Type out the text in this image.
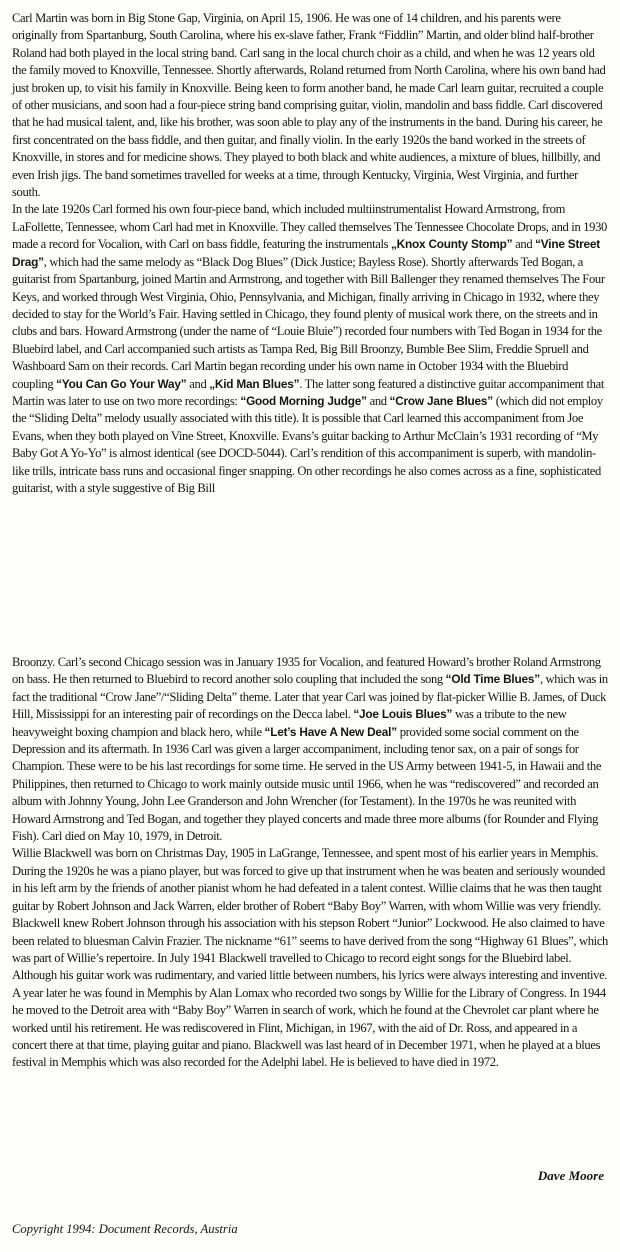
Carl Martin was born in Big Stone Gap, Virginia, on April 15, 1906. He was one of 14 children, and his parents were originally from Spartanburg, South Carolina, where his ex-slave father, Frank “Fiddlin” Martin, and older blind half-brother Roland had both played in the local string band. Carl sang in the local church choir as a child, and when he was 12 years old the family moved to Knoxville, Tennessee. Shortly afterwards, Roland returned from North Carolina, where his own band had just broken up, to visit his family in Knoxville. Being keen to form another band, he made Carl learn guitar, recruited a couple of other musicians, and soon had a four-piece string band comprising guitar, violin, mandolin and bass fiddle. Carl discovered that he had musical talent, and, like his brother, was soon able to play any of the instruments in the band. During his career, he first concentrated on the bass fiddle, and then guitar, and finally violin. In the early 1920s the band worked in the streets of Knoxville, in stores and for medicine shows. They played to both black and white audiences, a mixture of blues, hillbilly, and even Irish jigs. The band sometimes travelled for weeks at a time, through Kentucky, Virginia, West Virginia, and further south.

In the late 1920s Carl formed his own four-piece band, which included multiinstrumentalist Howard Armstrong, from LaFollette, Tennessee, whom Carl had met in Knoxville. They called themselves The Tennessee Chocolate Drops, and in 1930 made a record for Vocalion, with Carl on bass fiddle, featuring the instrumentals „Knox County Stomp” and “Vine Street Drag”, which had the same melody as “Black Dog Blues” (Dick Justice; Bayless Rose). Shortly afterwards Ted Bogan, a guitarist from Spartanburg, joined Martin and Armstrong, and together with Bill Ballenger they renamed themselves The Four Keys, and worked through West Virginia, Ohio, Pennsylvania, and Michigan, finally arriving in Chicago in 1932, where they decided to stay for the World’s Fair. Having settled in Chicago, they found plenty of musical work there, on the streets and in clubs and bars. Howard Armstrong (under the name of “Louie Bluie”) recorded four numbers with Ted Bogan in 1934 for the Bluebird label, and Carl accompanied such artists as Tampa Red, Big Bill Broonzy, Bumble Bee Slim, Freddie Spruell and Washboard Sam on their records. Carl Martin began recording under his own name in October 1934 with the Bluebird coupling “You Can Go Your Way” and „Kid Man Blues”. The latter song featured a distinctive guitar accompaniment that Martin was later to use on two more recordings: “Good Morning Judge” and “Crow Jane Blues” (which did not employ the “Sliding Delta” melody usually associated with this title). It is possible that Carl learned this accompaniment from Joe Evans, when they both played on Vine Street, Knoxville. Evans’s guitar backing to Arthur McClain’s 1931 recording of “My Baby Got A Yo-Yo” is almost identical (see DOCD-5044). Carl’s rendition of this accompaniment is superb, with mandolin-like trills, intricate bass runs and occasional finger snapping. On other recordings he also comes across as a fine, sophisticated guitarist, with a style suggestive of Big Bill

Broonzy. Carl’s second Chicago session was in January 1935 for Vocalion, and featured Howard’s brother Roland Armstrong on bass. He then returned to Bluebird to record another solo coupling that included the song “Old Time Blues”, which was in fact the traditional “Crow Jane”/“Sliding Delta” theme. Later that year Carl was joined by flat-picker Willie B. James, of Duck Hill, Mississippi for an interesting pair of recordings on the Decca label. “Joe Louis Blues” was a tribute to the new heavyweight boxing champion and black hero, while “Let’s Have A New Deal” provided some social comment on the Depression and its aftermath. In 1936 Carl was given a larger accompaniment, including tenor sax, on a pair of songs for Champion. These were to be his last recordings for some time. He served in the US Army between 1941-5, in Hawaii and the Philippines, then returned to Chicago to work mainly outside music until 1966, when he was “rediscovered” and recorded an album with Johnny Young, John Lee Granderson and John Wrencher (for Testament). In the 1970s he was reunited with Howard Armstrong and Ted Bogan, and together they played concerts and made three more albums (for Rounder and Flying Fish). Carl died on May 10, 1979, in Detroit.

Willie Blackwell was born on Christmas Day, 1905 in LaGrange, Tennessee, and spent most of his earlier years in Memphis. During the 1920s he was a piano player, but was forced to give up that instrument when he was beaten and seriously wounded in his left arm by the friends of another pianist whom he had defeated in a talent contest. Willie claims that he was then taught guitar by Robert Johnson and Jack Warren, elder brother of Robert “Baby Boy” Warren, with whom Willie was very friendly. Blackwell knew Robert Johnson through his association with his stepson Robert “Junior” Lockwood. He also claimed to have been related to bluesman Calvin Frazier. The nickname “61” seems to have derived from the song “Highway 61 Blues”, which was part of Willie’s repertoire. In July 1941 Blackwell travelled to Chicago to record eight songs for the Bluebird label. Although his guitar work was rudimentary, and varied little between numbers, his lyrics were always interesting and inventive. A year later he was found in Memphis by Alan Lomax who recorded two songs by Willie for the Library of Congress. In 1944 he moved to the Detroit area with “Baby Boy” Warren in search of work, which he found at the Chevrolet car plant where he worked until his retirement. He was rediscovered in Flint, Michigan, in 1967, with the aid of Dr. Ross, and appeared in a concert there at that time, playing guitar and piano. Blackwell was last heard of in December 1971, when he played at a blues festival in Memphis which was also recorded for the Adelphi label. He is believed to have died in 1972.

Dave Moore
Copyright 1994: Document Records, Austria
